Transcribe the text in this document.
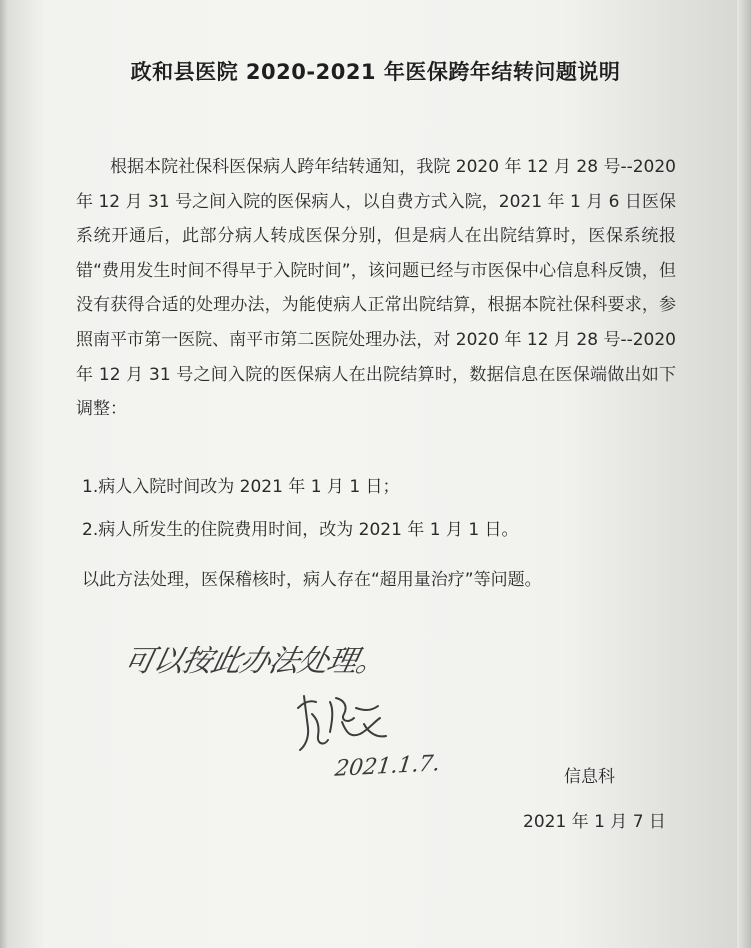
政和县医院 2020-2021 年医保跨年结转问题说明
根据本院社保科医保病人跨年结转通知，我院 2020 年 12 月 28 号--2020 年 12 月 31 号之间入院的医保病人，以自费方式入院，2021 年 1 月 6 日医保系统开通后，此部分病人转成医保分别，但是病人在出院结算时，医保系统报错“费用发生时间不得早于入院时间”，该问题已经与市医保中心信息科反馈，但没有获得合适的处理办法，为能使病人正常出院结算，根据本院社保科要求，参照南平市第一医院、南平市第二医院处理办法，对 2020 年 12 月 28 号--2020 年 12 月 31 号之间入院的医保病人在出院结算时，数据信息在医保端做出如下调整：
1.病人入院时间改为 2021 年 1 月 1 日；
2.病人所发生的住院费用时间，改为 2021 年 1 月 1 日。
以此方法处理，医保稽核时，病人存在“超用量治疗”等问题。
可以按此办法处理。
2021.1.7.	信息科
2021 年 1 月 7 日
